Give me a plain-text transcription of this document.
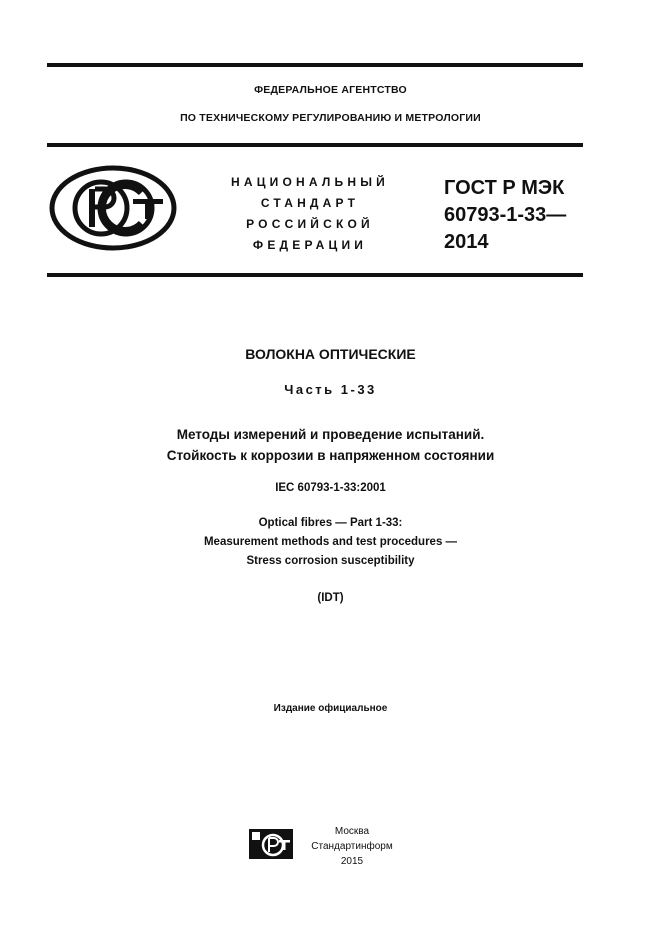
ФЕДЕРАЛЬНОЕ АГЕНТСТВО
ПО ТЕХНИЧЕСКОМУ РЕГУЛИРОВАНИЮ И МЕТРОЛОГИИ
НАЦИОНАЛЬНЫЙ
СТАНДАРТ
РОССИЙСКОЙ
ФЕДЕРАЦИИ
ГОСТ Р МЭК
60793-1-33—
2014
ВОЛОКНА ОПТИЧЕСКИЕ
Часть 1-33
Методы измерений и проведение испытаний.
Стойкость к коррозии в напряженном состоянии
IEC 60793-1-33:2001
Optical fibres — Part 1-33:
Measurement methods and test procedures —
Stress corrosion susceptibility
(IDT)
Издание официальное
Москва
Стандартинформ
2015
